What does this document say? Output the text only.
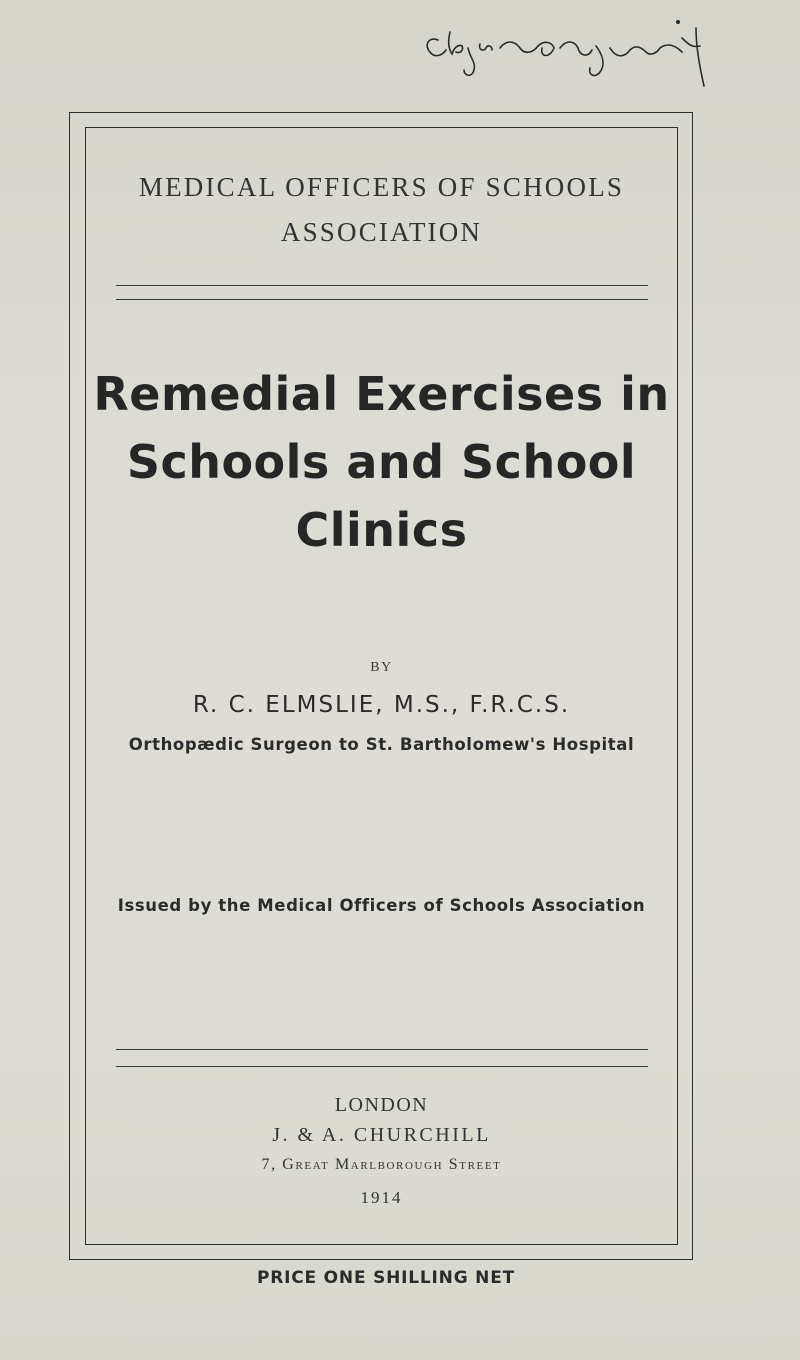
MEDICAL OFFICERS OF SCHOOLS
ASSOCIATION
Remedial Exercises in
Schools and School
Clinics
BY
R. C. ELMSLIE, M.S., F.R.C.S.
Orthopædic Surgeon to St. Bartholomew's Hospital
Issued by the Medical Officers of Schools Association
LONDON
J. & A. CHURCHILL
7, Great Marlborough Street
1914
PRICE ONE SHILLING NET
